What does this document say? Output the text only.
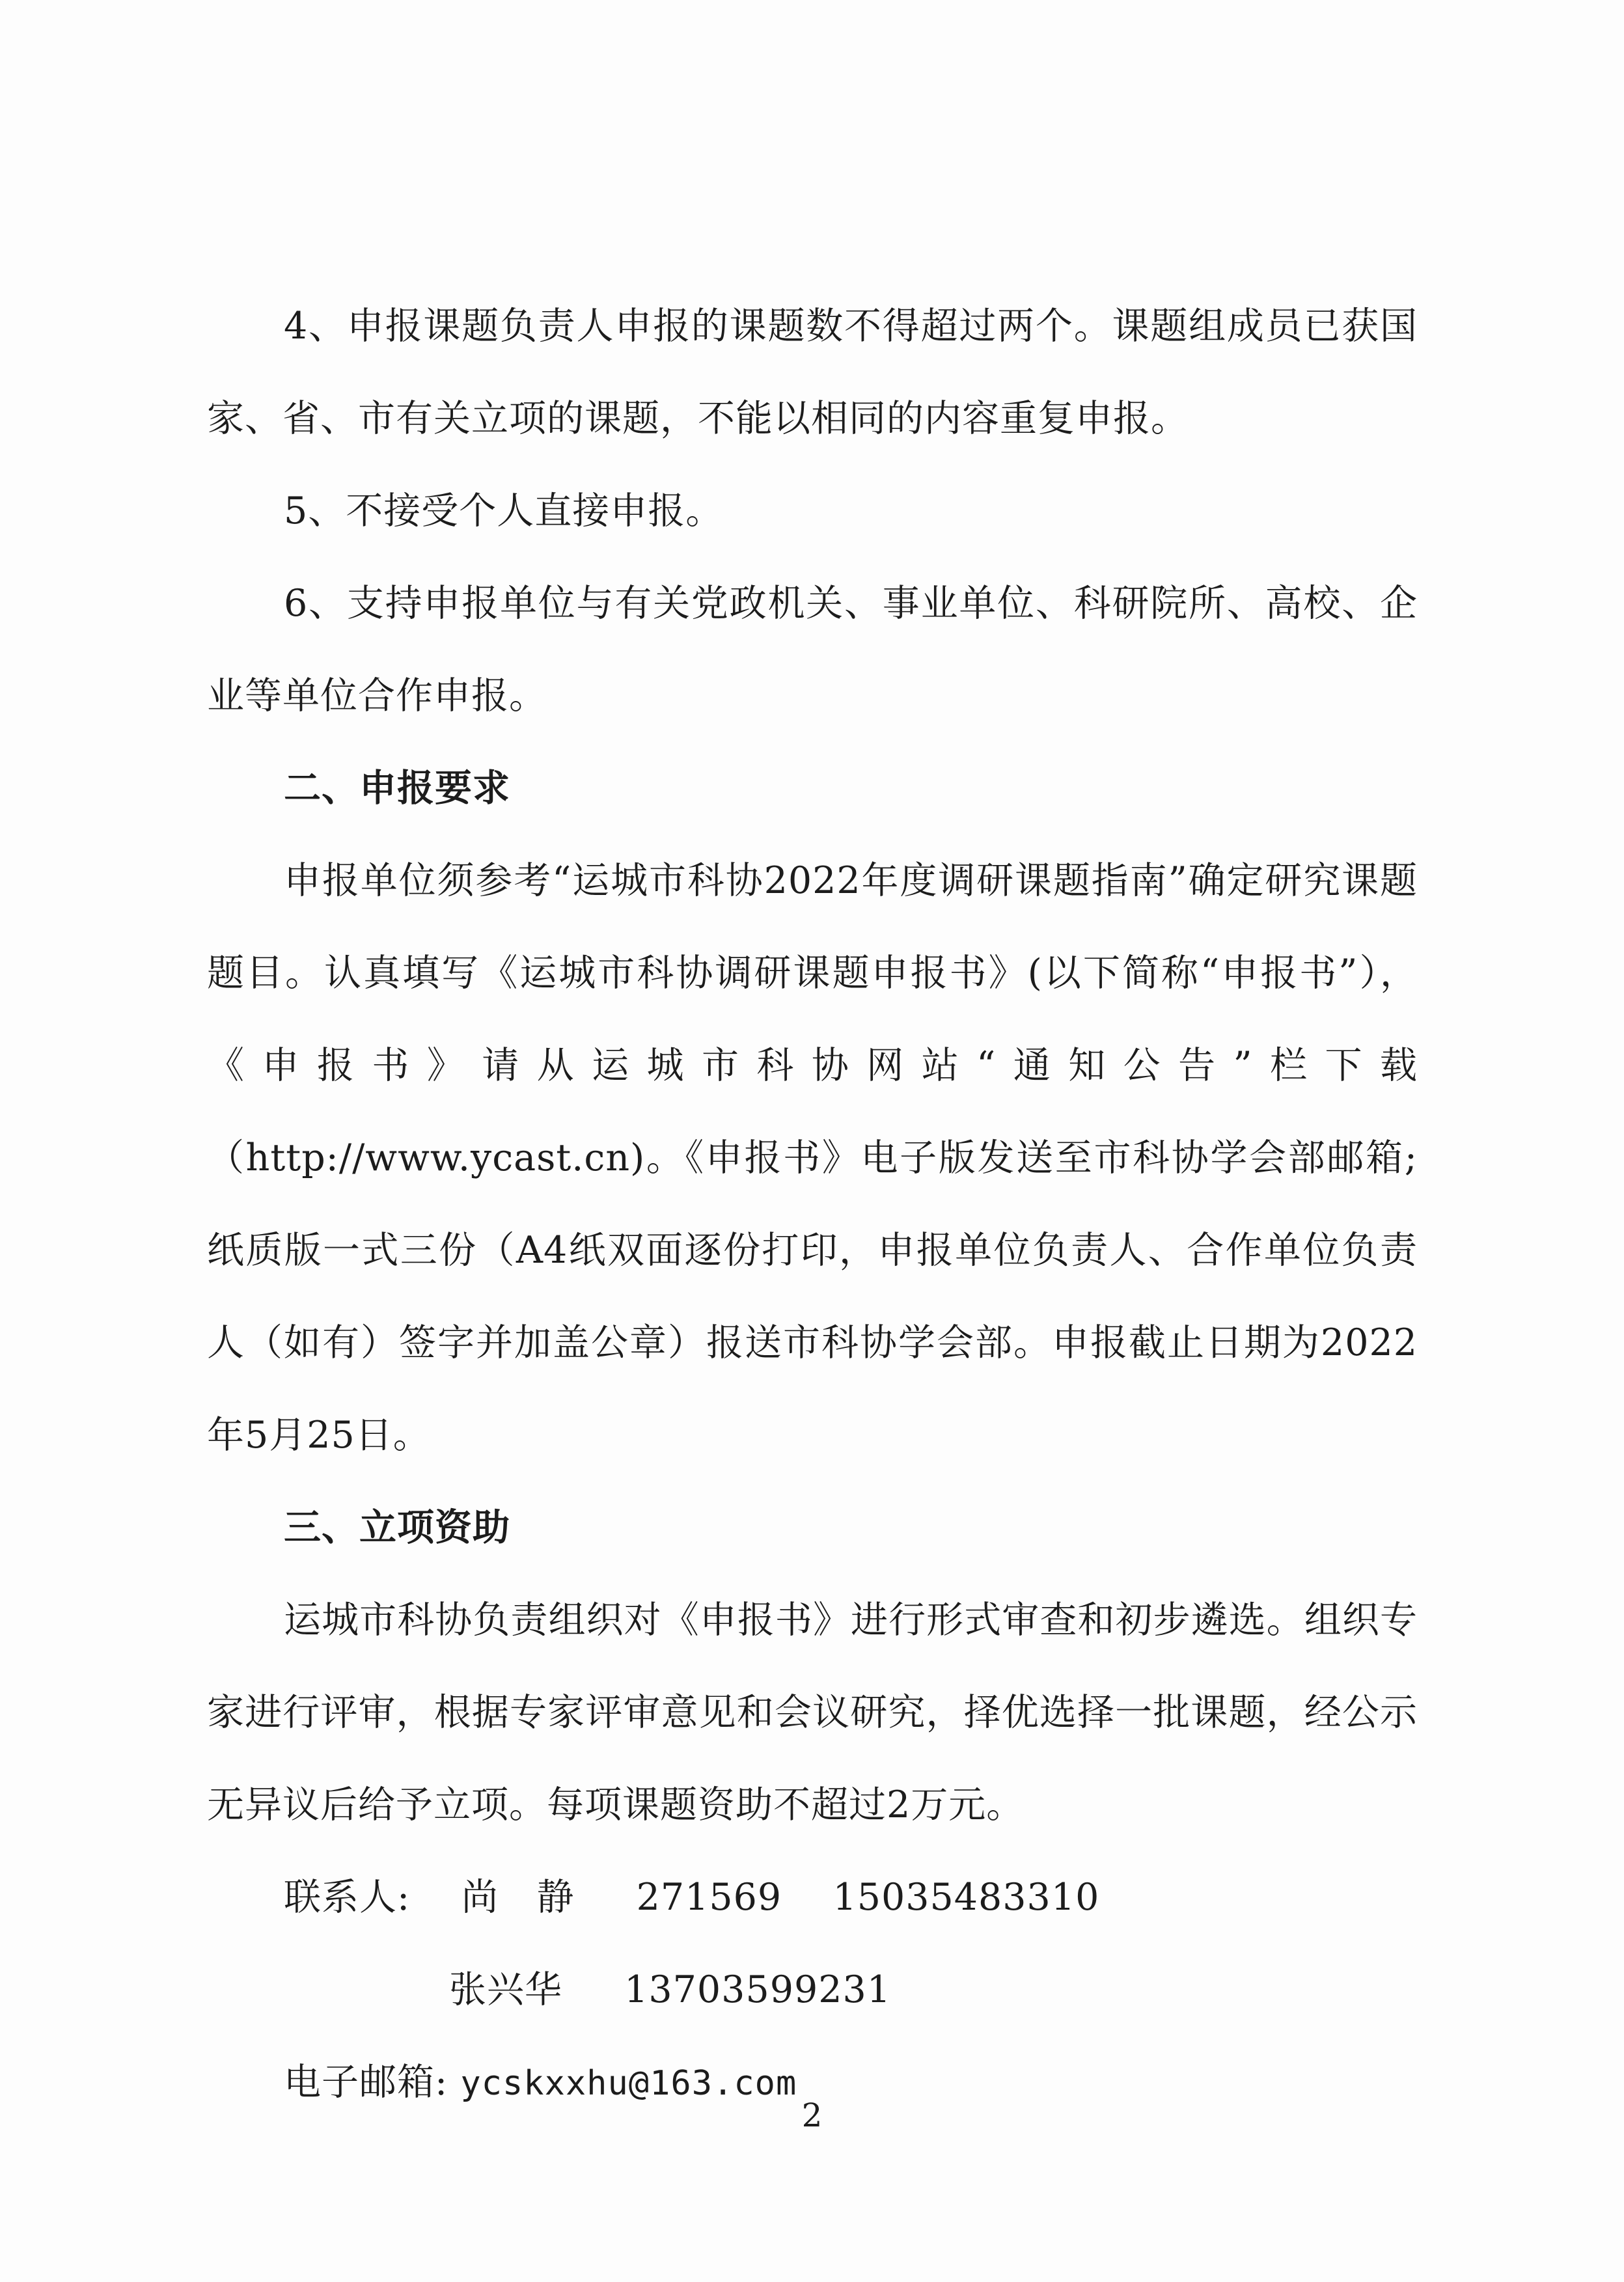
4、申报课题负责人申报的课题数不得超过两个。课题组成员已获国家、省、市有关立项的课题，不能以相同的内容重复申报。

5、不接受个人直接申报。

6、支持申报单位与有关党政机关、事业单位、科研院所、高校、企业等单位合作申报。

二、申报要求

申报单位须参考“运城市科协2022年度调研课题指南”确定研究课题题目。认真填写《运城市科协调研课题申报书》(以下简称“申报书”），《申报书》请从运城市科协网站“通知公告”栏下载（http://www.ycast.cn)。《申报书》电子版发送至市科协学会部邮箱;纸质版一式三份（A4纸双面逐份打印，申报单位负责人、合作单位负责人（如有）签字并加盖公章）报送市科协学会部。申报截止日期为2022年5月25日。

三、立项资助

运城市科协负责组织对《申报书》进行形式审查和初步遴选。组织专家进行评审，根据专家评审意见和会议研究，择优选择一批课题，经公示无异议后给予立项。每项课题资助不超过2万元。

联系人: 尚　静 271569 15035483310
张兴华 13703599231
电子邮箱: ycskxxhu@163.com
2
